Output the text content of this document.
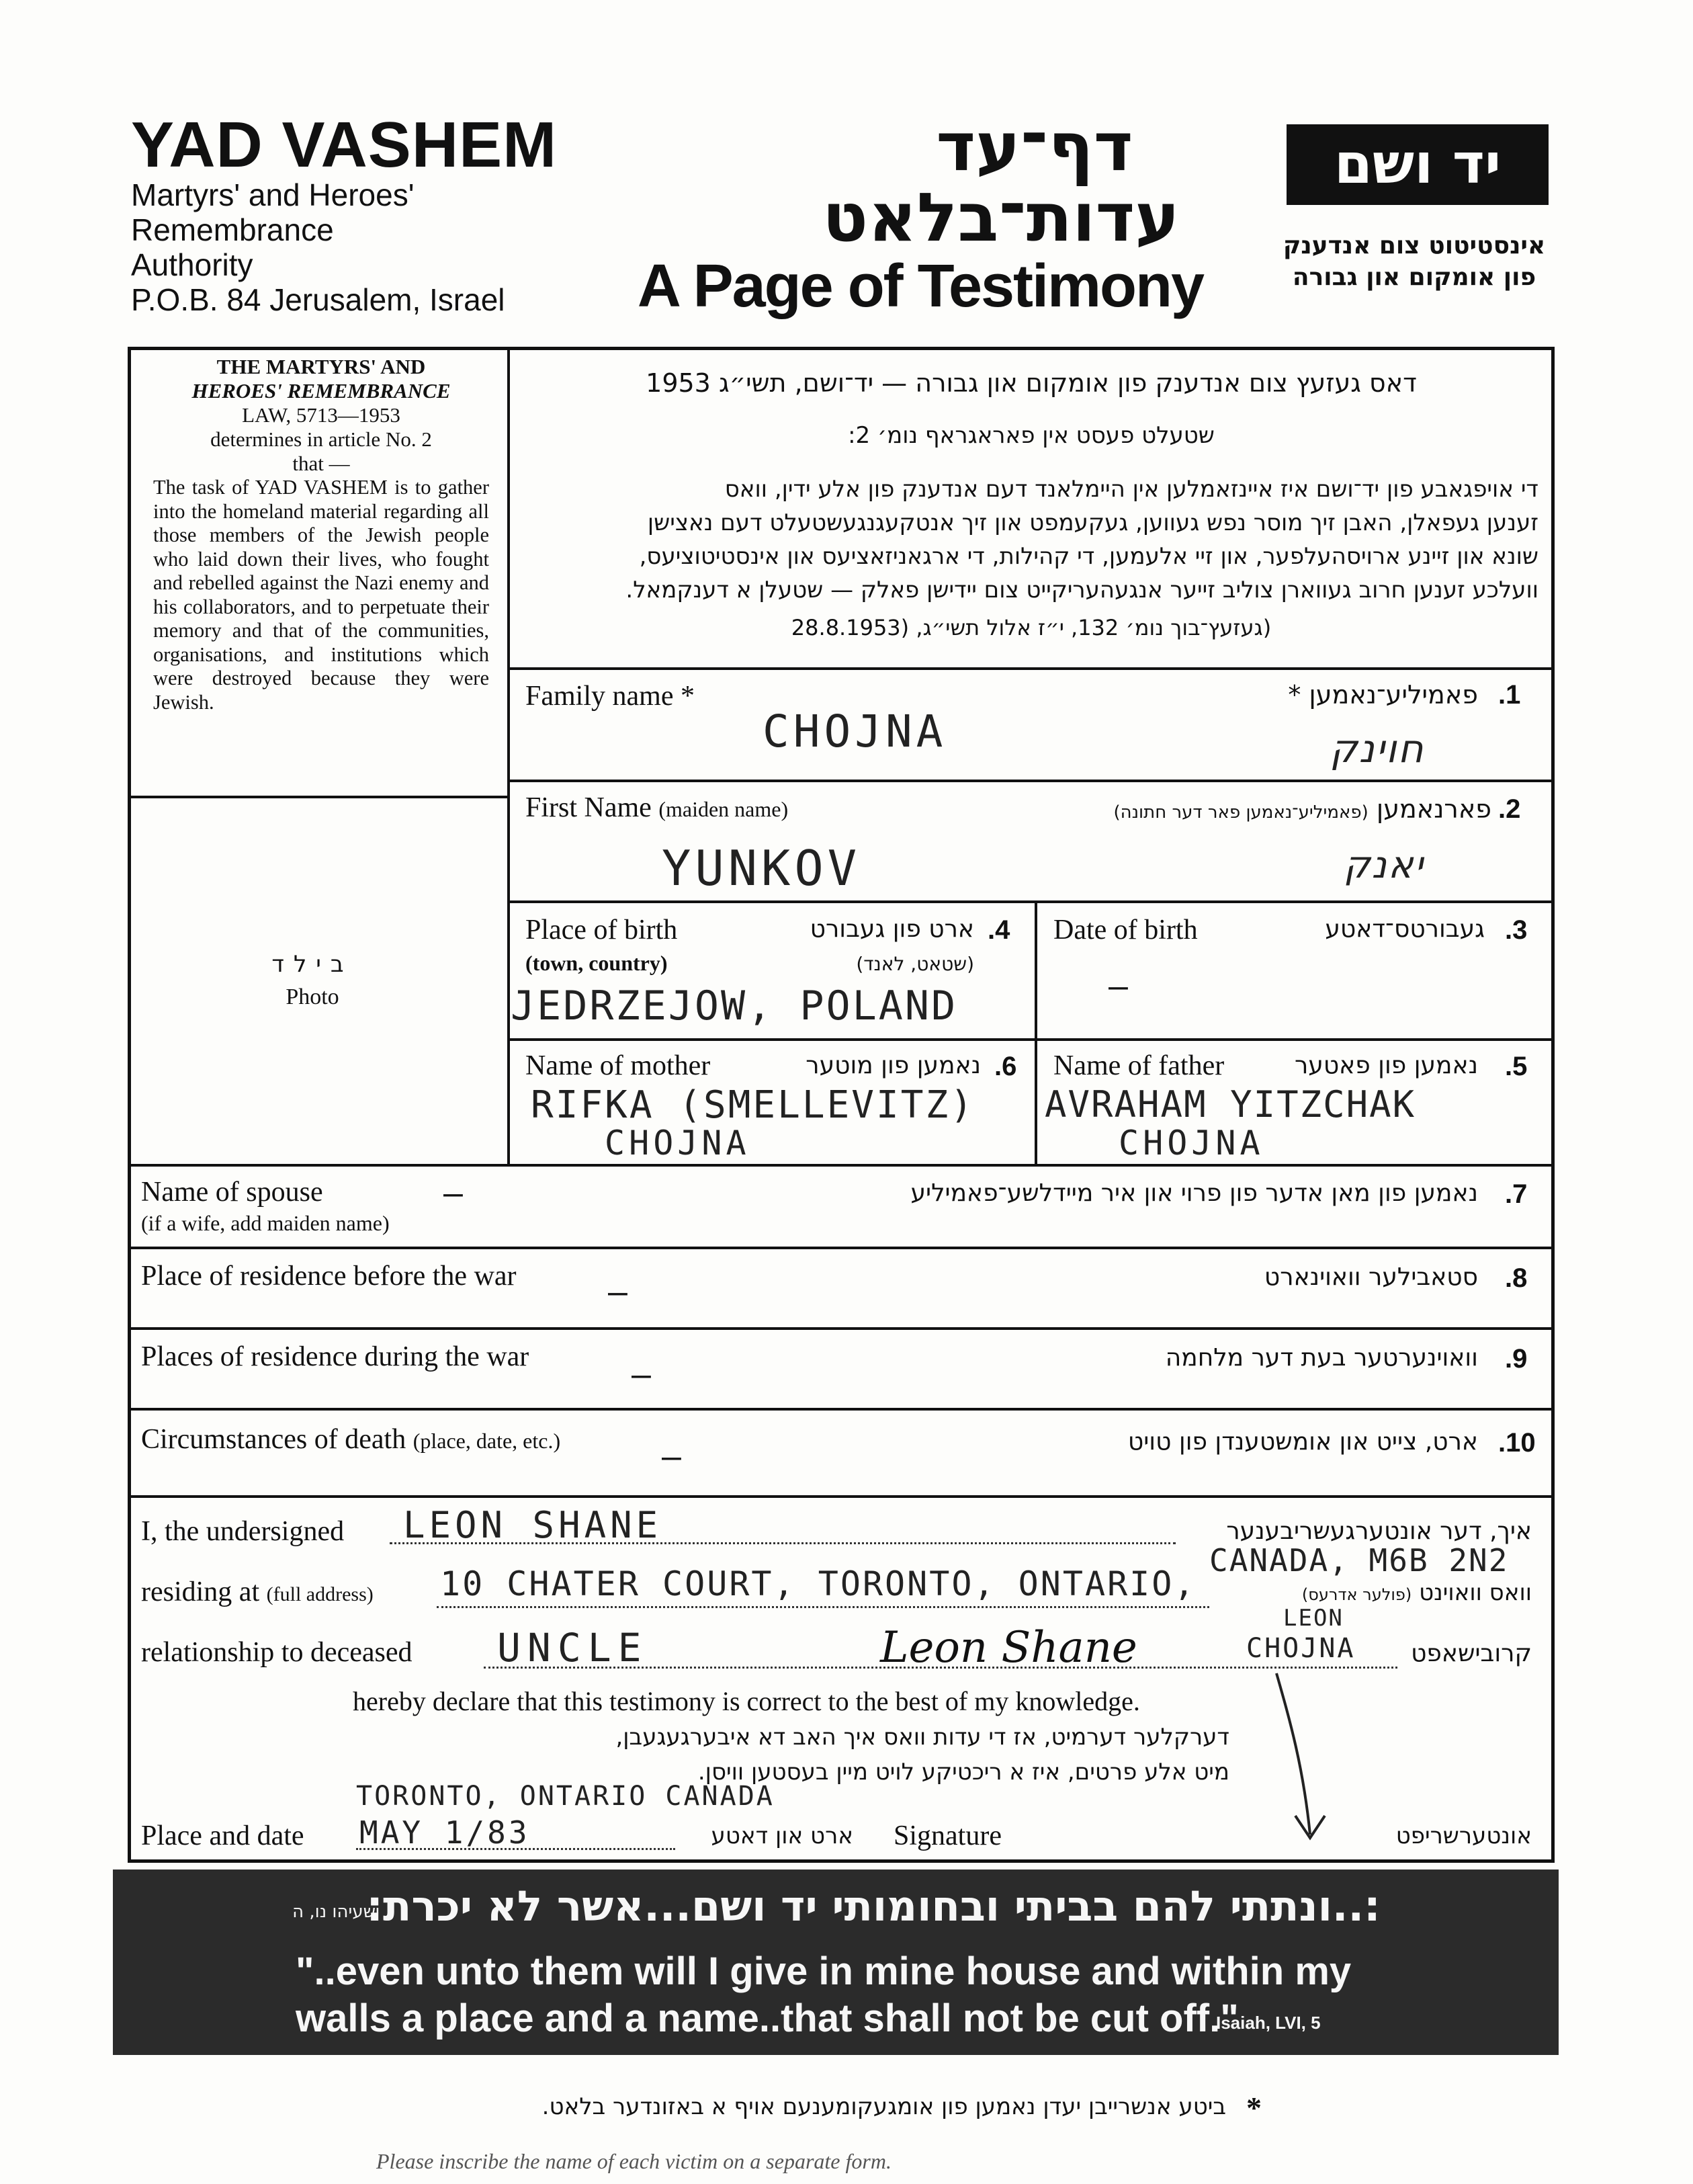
YAD VASHEM
Martyrs' and Heroes'
Remembrance
Authority
P.O.B. 84 Jerusalem, Israel
דף־עד
עדות־בלאט
A Page of Testimony
יד ושם
אינסטיטוט צום אנדענק
פון אומקום און גבורה
THE MARTYRS' AND
HEROES' REMEMBRANCE
LAW, 5713—1953
determines in article No. 2
that —
The task of YAD VASHEM is to gather into the homeland material regarding all those members of the Jewish people who laid down their lives, who fought and rebelled against the Nazi enemy and his collaborators, and to perpetuate their memory and that of the communities, organisations, and institutions which were destroyed because they were Jewish.
בילד
Photo
דאס געזעץ צום אנדענק פון אומקום און גבורה — יד־ושם, תשי״ג 1953
שטעלט פעסט אין פאראגראף נומ׳ 2:
די אויפגאבע פון יד־ושם איז איינזאמלען אין היימלאנד דעם אנדענק פון אלע ידין, וואס
זענען געפאלן, האבן זיך מוסר נפש געווען, געקעמפט און זיך אנטקעגנגעשטעלט דעם נאצישן
שונא און זיינע ארויסהעלפער, און זיי אלעמען, די קהילות, די ארגאניזאציעס און אינסטיטוציעס,
וועלכע זענען חרוב געווארן צוליב זייער אנגעהעריקייט צום יידישן פאלק — שטעלן א דענקמאל.
(געזעץ־בוך נומ׳ 132, י״ז אלול תשי״ג, (28.8.1953
Family name *	פאמיליע־נאמען * .1
CHOJNA	חוינק
First Name (maiden name)	פארנאמען (פאמיליע־נאמען פאר דער חתונה)	.2
YUNKOV	יאנק
Place of birth	ארט פון געבורט .4
(town, country)	(שטאט, לאנד)
JEDRZEJOW, POLAND
Date of birth	געבורטס־דאטע .3
—
Name of mother	נאמען פון מוטער .6
RIFKA (SMELLEVITZ)
CHOJNA
Name of father	נאמען פון פאטער .5
AVRAHAM YITZCHAK
CHOJNA
Name of spouse
(if a wife, add maiden name)
—	נאמען פון מאן אדער פון פרוי און איר מיידלשע־פאמיליע .7
Place of residence before the war	—	סטאבילער וואוינארט .8
Places of residence during the war	—	וואוינערטער בעת דער מלחמה .9
Circumstances of death (place, date, etc.)	—	ארט, צייט און אומשטענדן פון טויט .10
I, the undersigned LEON SHANE	איך, דער אונטערגעשריבענער
CANADA, M6B 2N2
residing at (full address) 10 CHATER COURT, TORONTO, ONTARIO,	וואס וואוינט (פולער אדרעס)
relationship to deceased UNCLE	Leon Shane
LEON
CHOJNA קרובישאפט
hereby declare that this testimony is correct to the best of my knowledge.
דערקלער דערמיט, אז די עדות וואס איך האב דא איבערגעגעבן,
מיט אלע פרטים, איז א ריכטיקע לויט מיין בעסטען וויסן.
TORONTO, ONTARIO CANADA
Place and date MAY 1/83	ארט און דאטע Signature	אונטערשריפט
:..ונתתי להם בביתי ובחומותי יד ושם...אשר לא יכרת:
ישעיהו נו, ה
"..even unto them will I give in mine house and within my
walls a place and a name..that shall not be cut off."
Isaiah, LVI, 5
*
ביטע אנשרייבן יעדן נאמען פון אומגעקומענעם אויף א באזונדער בלאט.
Please inscribe the name of each victim on a separate form.
